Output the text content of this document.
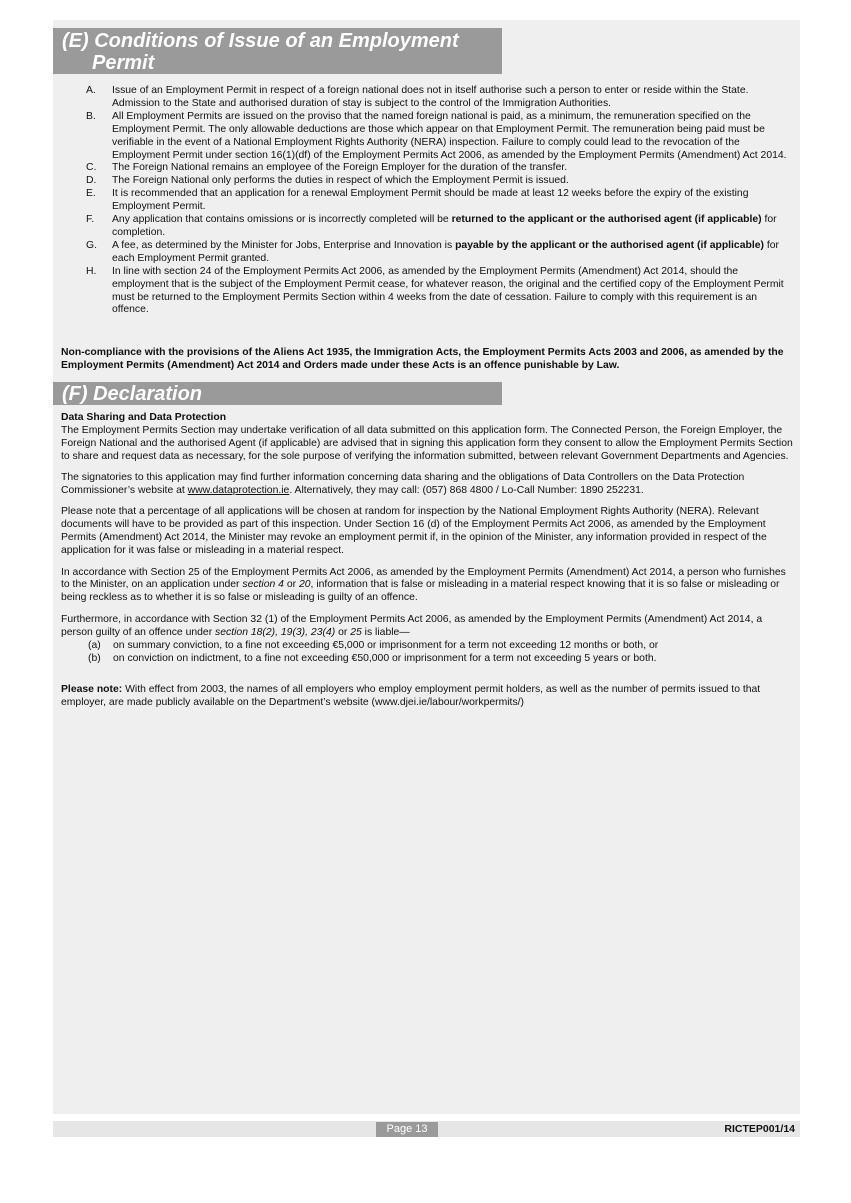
(E) Conditions of Issue of an Employment
Permit
A.	Issue of an Employment Permit in respect of a foreign national does not in itself authorise such a person to enter or reside within the State. Admission to the State and authorised duration of stay is subject to the control of the Immigration Authorities.
B.	All Employment Permits are issued on the proviso that the named foreign national is paid, as a minimum, the remuneration specified on the Employment Permit. The only allowable deductions are those which appear on that Employment Permit. The remuneration being paid must be verifiable in the event of a National Employment Rights Authority (NERA) inspection. Failure to comply could lead to the revocation of the Employment Permit under section 16(1)(df) of the Employment Permits Act 2006, as amended by the Employment Permits (Amendment) Act 2014.
C.	The Foreign National remains an employee of the Foreign Employer for the duration of the transfer.
D.	The Foreign National only performs the duties in respect of which the Employment Permit is issued.
E.	It is recommended that an application for a renewal Employment Permit should be made at least 12 weeks before the expiry of the existing Employment Permit.
F.	Any application that contains omissions or is incorrectly completed will be returned to the applicant or the authorised agent (if applicable) for completion.
G.	A fee, as determined by the Minister for Jobs, Enterprise and Innovation is payable by the applicant or the authorised agent (if applicable) for each Employment Permit granted.
H.	In line with section 24 of the Employment Permits Act 2006, as amended by the Employment Permits (Amendment) Act 2014, should the employment that is the subject of the Employment Permit cease, for whatever reason, the original and the certified copy of the Employment Permit must be returned to the Employment Permits Section within 4 weeks from the date of cessation. Failure to comply with this requirement is an offence.
Non-compliance with the provisions of the Aliens Act 1935, the Immigration Acts, the Employment Permits Acts 2003 and 2006, as amended by the Employment Permits (Amendment) Act 2014 and Orders made under these Acts is an offence punishable by Law.
(F) Declaration
Data Sharing and Data Protection

The Employment Permits Section may undertake verification of all data submitted on this application form. The Connected Person, the Foreign Employer, the Foreign National and the authorised Agent (if applicable) are advised that in signing this application form they consent to allow the Employment Permits Section to share and request data as necessary, for the sole purpose of verifying the information submitted, between relevant Government Departments and Agencies.

The signatories to this application may find further information concerning data sharing and the obligations of Data Controllers on the Data Protection Commissioner’s website at www.dataprotection.ie. Alternatively, they may call: (057) 868 4800 / Lo-Call Number: 1890 252231.

Please note that a percentage of all applications will be chosen at random for inspection by the National Employment Rights Authority (NERA). Relevant documents will have to be provided as part of this inspection. Under Section 16 (d) of the Employment Permits Act 2006, as amended by the Employment Permits (Amendment) Act 2014, the Minister may revoke an employment permit if, in the opinion of the Minister, any information provided in respect of the application for it was false or misleading in a material respect.

In accordance with Section 25 of the Employment Permits Act 2006, as amended by the Employment Permits (Amendment) Act 2014, a person who furnishes to the Minister, on an application under section 4 or 20, information that is false or misleading in a material respect knowing that it is so false or misleading or being reckless as to whether it is so false or misleading is guilty of an offence.

Furthermore, in accordance with Section 32 (1) of the Employment Permits Act 2006, as amended by the Employment Permits (Amendment) Act 2014, a person guilty of an offence under section 18(2), 19(3), 23(4) or 25 is liable—
(a)	on summary conviction, to a fine not exceeding €5,000 or imprisonment for a term not exceeding 12 months or both, or
(b)	on conviction on indictment, to a fine not exceeding €50,000 or imprisonment for a term not exceeding 5 years or both.

Please note: With effect from 2003, the names of all employers who employ employment permit holders, as well as the number of permits issued to that employer, are made publicly available on the Department’s website (www.djei.ie/labour/workpermits/)

Page 13	RICTEP001/14
